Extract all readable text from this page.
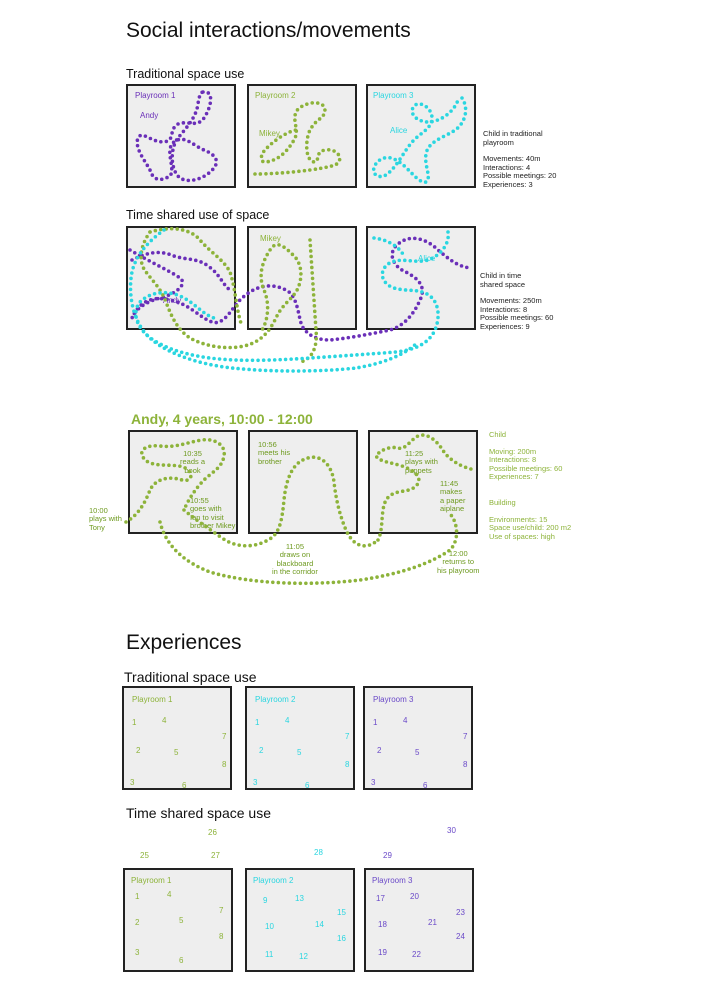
Social interactions/movements
Traditional space use
Playroom 1
Andy
Playroom 2
Mikey
Playroom 3
Alice	Child in traditional
playroom
Movements: 40m
Interactions: 4
Possible meetings: 20
Experiences: 3
Time shared use of space
Mikey
Alice
Andy
Child in time
shared space
Movements: 250m
Interactions: 8
Possible meetings: 60
Experiences: 9
Andy, 4 years, 10:00 - 12:00
10:35
reads a
book
10:56
meets his
brother
11:25
plays with
puppets
11:45
makes
a paper
aiplane
10:55
goes with
Ian to visit
brother Mikey
10:00
plays with
Tony
11:05
draws on
blackboard
in the corridor
12:00
returns to
his playroom
Child
Moving: 200m
Interactions: 8
Possible meetings: 60
Experiences: 7
Building
Environments: 15
Space use/child: 200 m2
Use of spaces: high
Experiences
Traditional space use
Time shared space use
Playroom 1
1	4
7
2	5
8
3	6
Playroom 2
1	4
7
2	5
8
3	6
Playroom 3
1	4
7
2	5
8
3	6
Playroom 1
1	4
7
2	5
8
3
6
Playroom 2
9	13
15
10	14
16
11	12
Playroom 3
17	20
23
18	21
24
19	22
26
25	27	28	29
30
